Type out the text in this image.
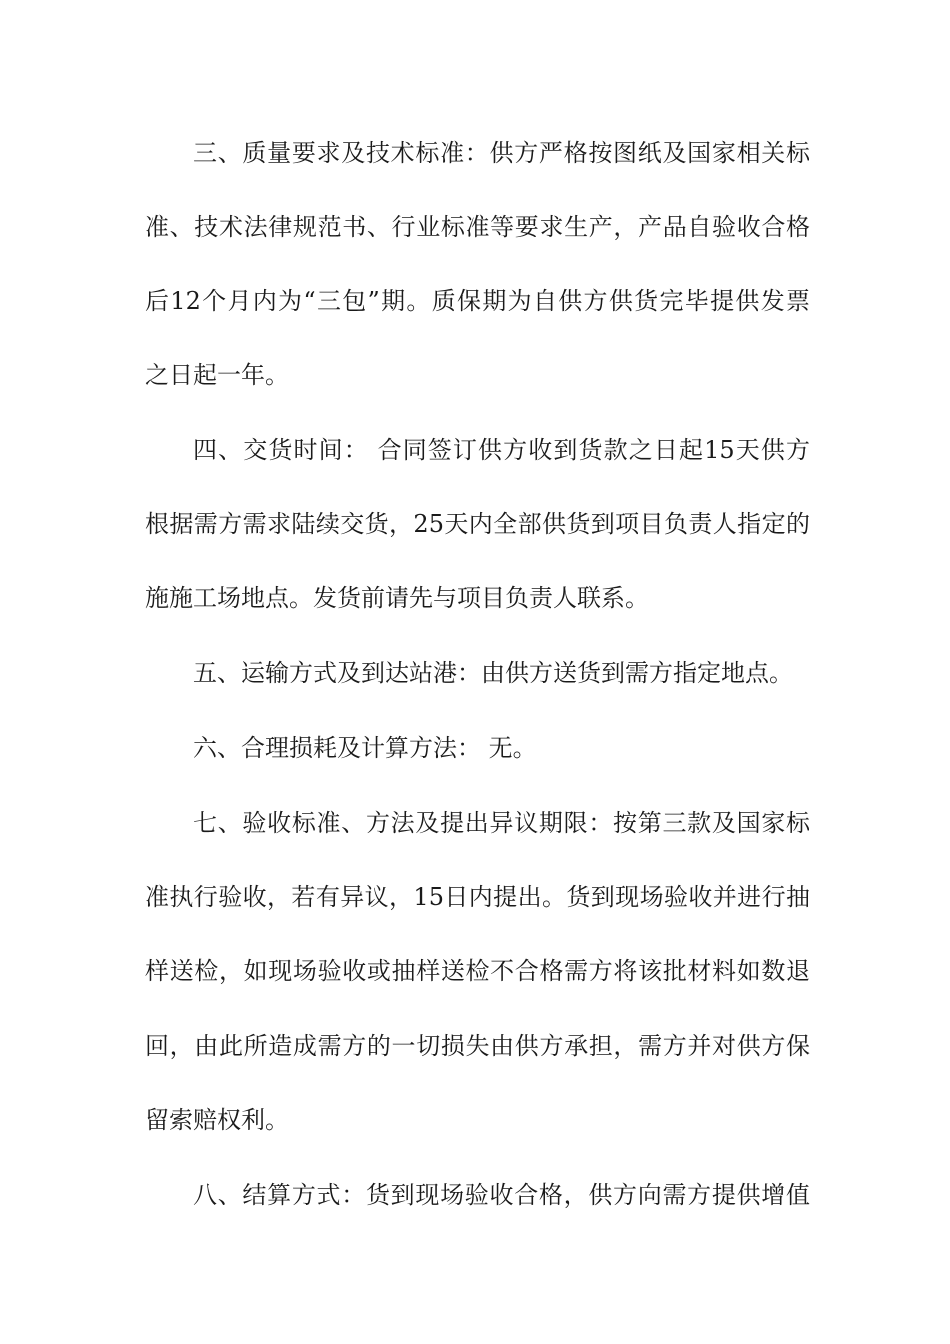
三、质量要求及技术标准：供方严格按图纸及国家相关标
准、技术法律规范书、行业标准等要求生产，产品自验收合格
后12个月内为“三包”期。质保期为自供方供货完毕提供发票
之日起一年。
四、交货时间： 合同签订供方收到货款之日起15天供方
根据需方需求陆续交货，25天内全部供货到项目负责人指定的
施施工场地点。发货前请先与项目负责人联系。
五、运输方式及到达站港：由供方送货到需方指定地点。
六、合理损耗及计算方法： 无。
七、验收标准、方法及提出异议期限：按第三款及国家标
准执行验收，若有异议，15日内提出。货到现场验收并进行抽
样送检，如现场验收或抽样送检不合格需方将该批材料如数退
回，由此所造成需方的一切损失由供方承担，需方并对供方保
留索赔权利。
八、结算方式：货到现场验收合格，供方向需方提供增值
